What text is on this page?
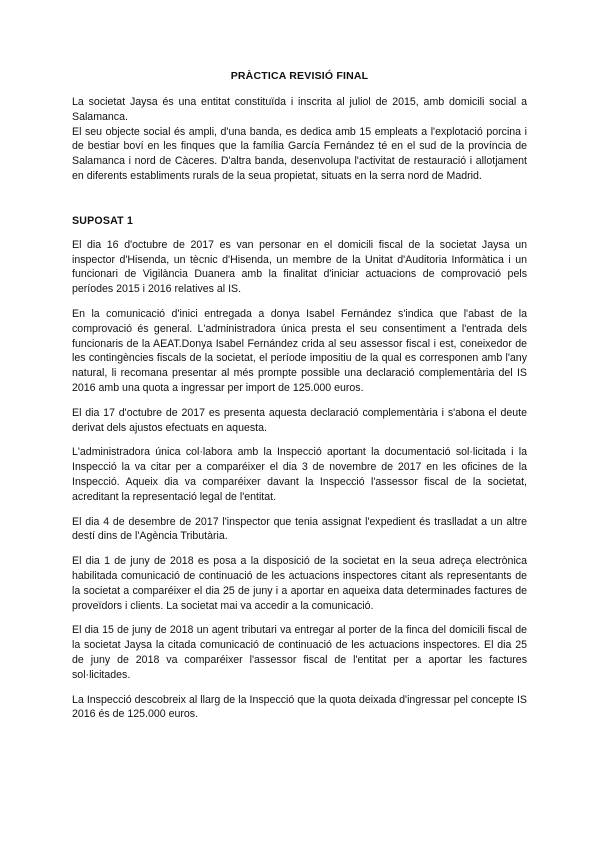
PRÀCTICA REVISIÓ FINAL

La societat Jaysa és una entitat constituïda i inscrita al juliol de 2015, amb domicili social a Salamanca.

El seu objecte social és ampli, d'una banda, es dedica amb 15 empleats a l'explotació porcina i de bestiar boví en les finques que la família García Fernández té en el sud de la província de Salamanca i nord de Càceres. D'altra banda, desenvolupa l'activitat de restauració i allotjament en diferents establiments rurals de la seua propietat, situats en la serra nord de Madrid.

SUPOSAT 1

El dia 16 d'octubre de 2017 es van personar en el domicili fiscal de la societat Jaysa un inspector d'Hisenda, un tècnic d'Hisenda, un membre de la Unitat d'Auditoria Informàtica i un funcionari de Vigilància Duanera amb la finalitat d'iniciar actuacions de comprovació pels períodes 2015 i 2016 relatives al IS.

En la comunicació d'inici entregada a donya Isabel Fernández s'indica que l'abast de la comprovació és general. L'administradora única presta el seu consentiment a l'entrada dels funcionaris de la AEAT.Donya Isabel Fernández crida al seu assessor fiscal i est, coneixedor de les contingències fiscals de la societat, el període impositiu de la qual es corresponen amb l'any natural, li recomana presentar al més prompte possible una declaració complementària del IS 2016 amb una quota a ingressar per import de 125.000 euros.

El dia 17 d'octubre de 2017 es presenta aquesta declaració complementària i s'abona el deute derivat dels ajustos efectuats en aquesta.

L'administradora única col·labora amb la Inspecció aportant la documentació sol·licitada i la Inspecció la va citar per a comparéixer el dia 3 de novembre de 2017 en les oficines de la Inspecció. Aqueix dia va comparéixer davant la Inspecció l'assessor fiscal de la societat, acreditant la representació legal de l'entitat.

El dia 4 de desembre de 2017 l'inspector que tenia assignat l'expedient és traslladat a un altre destí dins de l'Agència Tributària.

El dia 1 de juny de 2018 es posa a la disposició de la societat en la seua adreça electrònica habilitada comunicació de continuació de les actuacions inspectores citant als representants de la societat a comparéixer el dia 25 de juny i a aportar en aqueixa data determinades factures de proveïdors i clients. La societat mai va accedir a la comunicació.

El dia 15 de juny de 2018 un agent tributari va entregar al porter de la finca del domicili fiscal de la societat Jaysa la citada comunicació de continuació de les actuacions inspectores. El dia 25 de juny de 2018 va comparéixer l'assessor fiscal de l'entitat per a aportar les factures sol·licitades.

La Inspecció descobreix al llarg de la Inspecció que la quota deixada d'ingressar pel concepte IS 2016 és de 125.000 euros.
